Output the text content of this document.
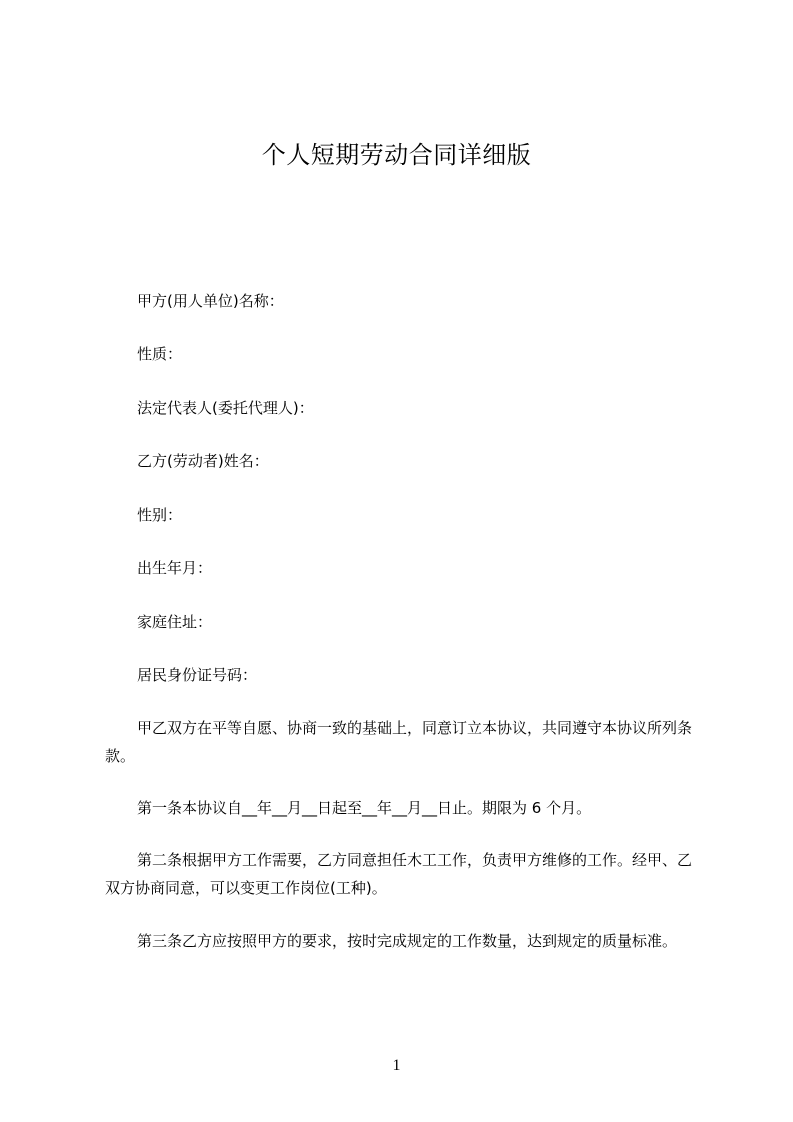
个人短期劳动合同详细版

甲方(用人单位)名称：

性质：

法定代表人(委托代理人)：

乙方(劳动者)姓名：

性别：

出生年月：

家庭住址：

居民身份证号码：

甲乙双方在平等自愿、协商一致的基础上，同意订立本协议，共同遵守本协议所列条款。

第一条本协议自__年__月__日起至__年__月__日止。期限为 6 个月。

第二条根据甲方工作需要，乙方同意担任木工工作，负责甲方维修的工作。经甲、乙双方协商同意，可以变更工作岗位(工种)。

第三条乙方应按照甲方的要求，按时完成规定的工作数量，达到规定的质量标准。

1
